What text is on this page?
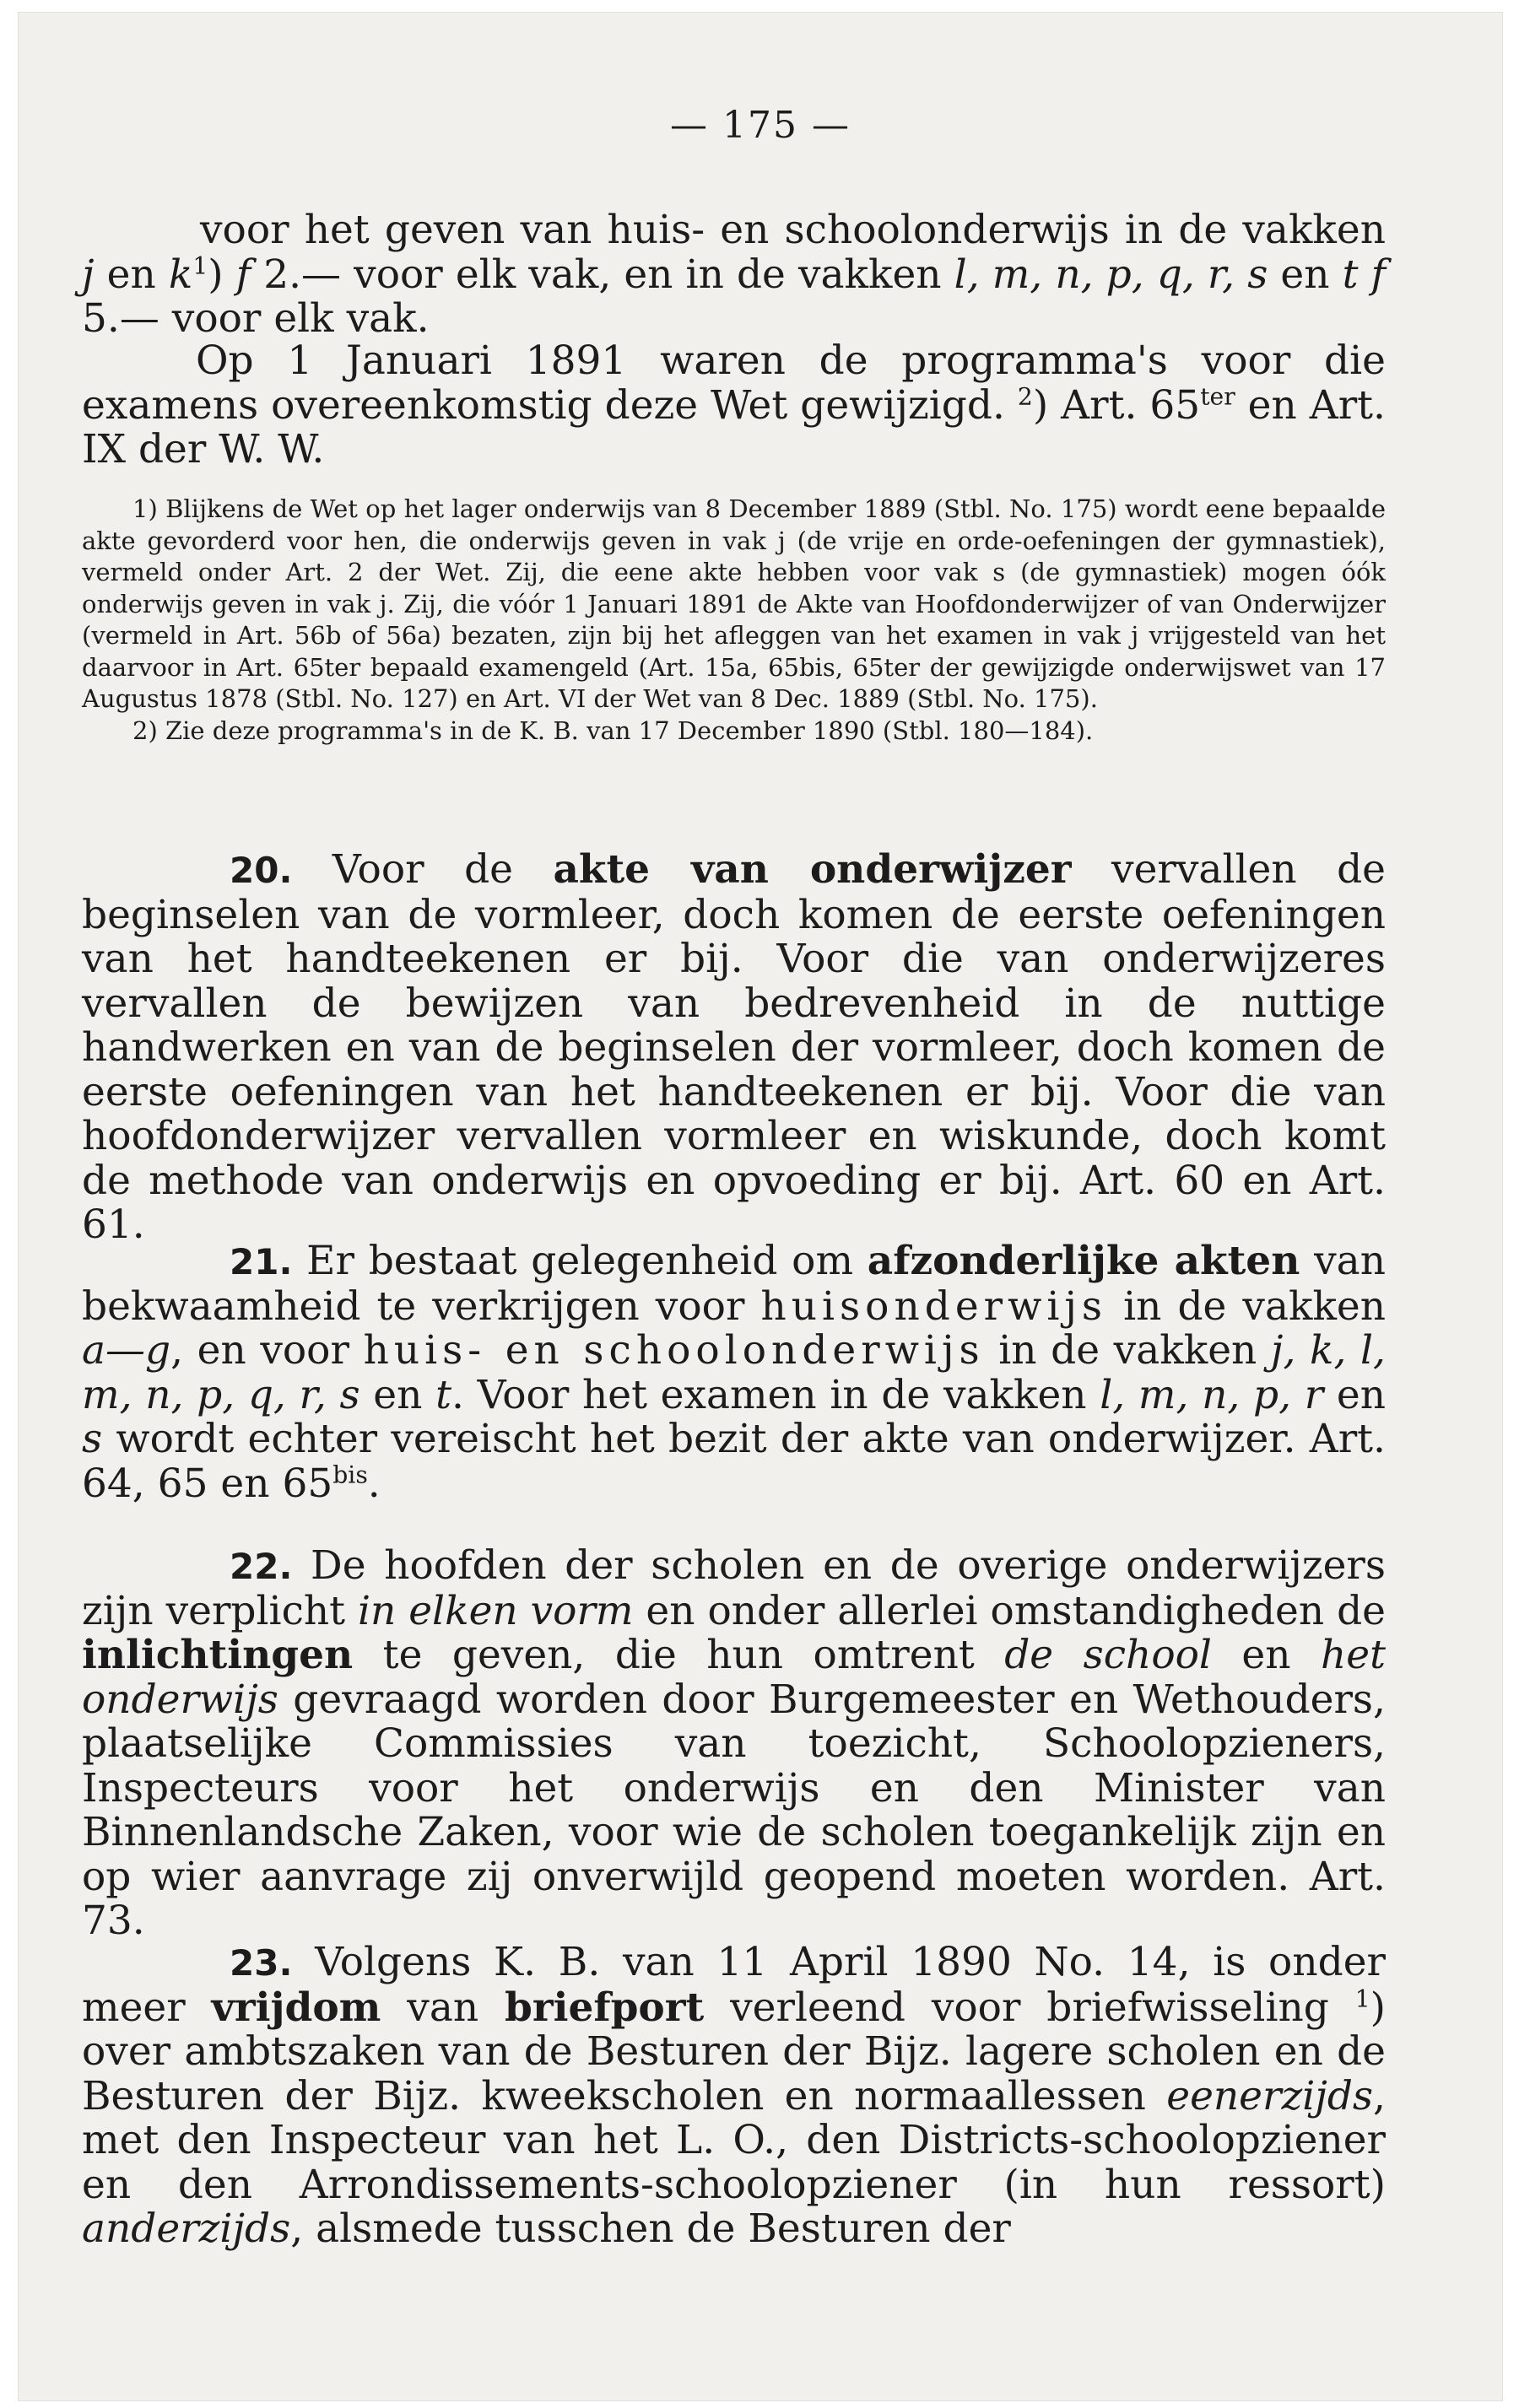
— 175 —

voor het geven van huis- en schoolonderwijs in de vakken j en $k^1$) f 2.— voor elk vak, en in de vakken l, m, n, p, q, r, s en t f 5.— voor elk vak.

Op 1 Januari 1891 waren de programma's voor die examens overeenkomstig deze Wet gewijzigd. $^2$) Art. $65^{ter}$ en Art. IX der W. W.

1) Blijkens de Wet op het lager onderwijs van 8 December 1889 (Stbl. No. 175) wordt eene bepaalde akte gevorderd voor hen, die onderwijs geven in vak j (de vrije en orde-oefeningen der gymnastiek), vermeld onder Art. 2 der Wet. Zij, die eene akte hebben voor vak s (de gymnastiek) mogen óók onderwijs geven in vak j. Zij, die vóór 1 Januari 1891 de Akte van Hoofdonderwijzer of van Onderwijzer (vermeld in Art. 56b of 56a) bezaten, zijn bij het afleggen van het examen in vak j vrijgesteld van het daarvoor in Art. 65ter bepaald examengeld (Art. 15a, 65bis, 65ter der gewijzigde onderwijswet van 17 Augustus 1878 (Stbl. No. 127) en Art. VI der Wet van 8 Dec. 1889 (Stbl. No. 175).

2) Zie deze programma's in de K. B. van 17 December 1890 (Stbl. 180—184).

20. Voor de akte van onderwijzer vervallen de beginselen van de vormleer, doch komen de eerste oefeningen van het handteekenen er bij. Voor die van onderwijzeres vervallen de bewijzen van bedrevenheid in de nuttige handwerken en van de beginselen der vormleer, doch komen de eerste oefeningen van het handteekenen er bij. Voor die van hoofdonderwijzer vervallen vormleer en wiskunde, doch komt de methode van onderwijs en opvoeding er bij. Art. 60 en Art. 61.

21. Er bestaat gelegenheid om afzonderlijke akten van bekwaamheid te verkrijgen voor huisonderwijs in de vakken a—g, en voor huis- en schoolonderwijs in de vakken j, k, l, m, n, p, q, r, s en t. Voor het examen in de vakken l, m, n, p, r en s wordt echter vereischt het bezit der akte van onderwijzer. Art. 64, 65 en $65^{bis}$.

22. De hoofden der scholen en de overige onderwijzers zijn verplicht in elken vorm en onder allerlei omstandigheden de inlichtingen te geven, die hun omtrent de school en het onderwijs gevraagd worden door Burgemeester en Wethouders, plaatselijke Commissies van toezicht, Schoolopzieners, Inspecteurs voor het onderwijs en den Minister van Binnenlandsche Zaken, voor wie de scholen toegankelijk zijn en op wier aanvrage zij onverwijld geopend moeten worden. Art. 73.

23. Volgens K. B. van 11 April 1890 No. 14, is onder meer vrijdom van briefport verleend voor briefwisseling $^1$) over ambtszaken van de Besturen der Bijz. lagere scholen en de Besturen der Bijz. kweekscholen en normaallessen eenerzijds, met den Inspecteur van het L. O., den Districts-schoolopziener en den Arrondissements-schoolopziener (in hun ressort) anderzijds, alsmede tusschen de Besturen der
